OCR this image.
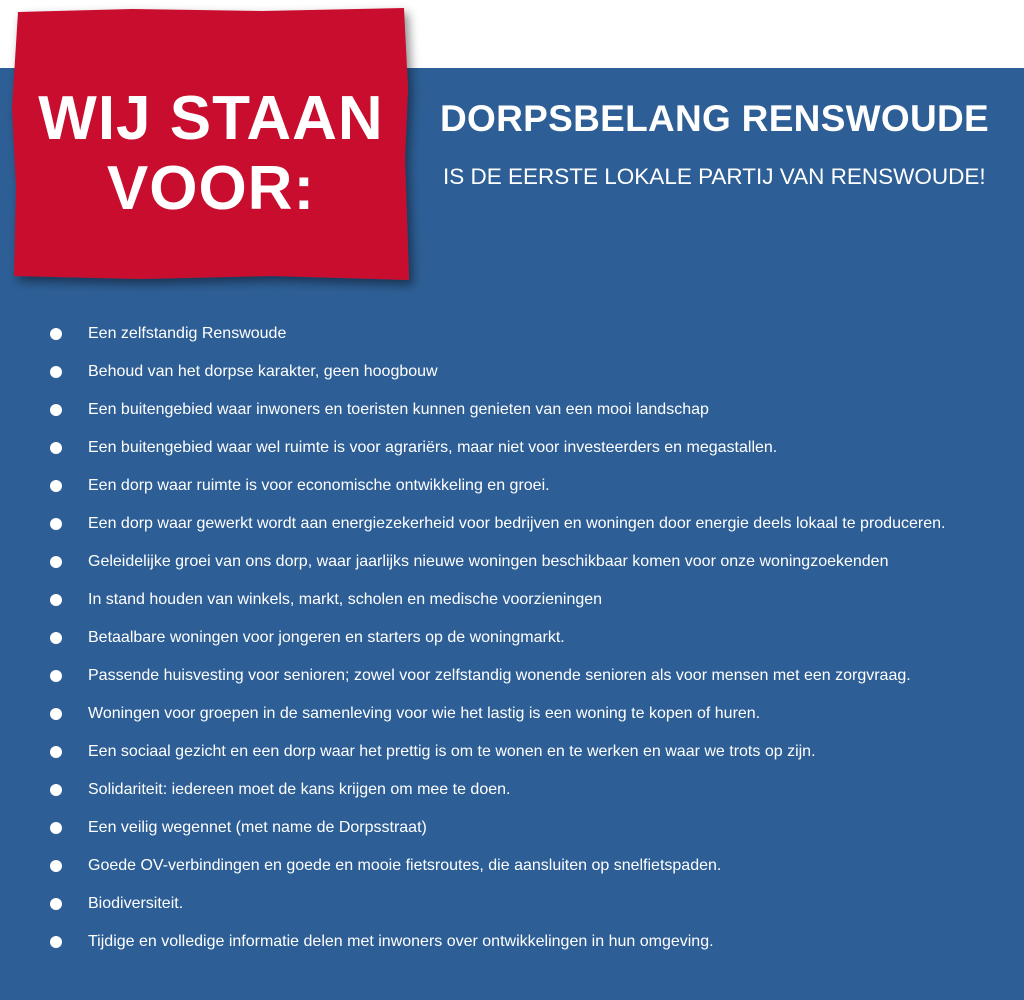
WIJ STAAN
VOOR:
DORPSBELANG RENSWOUDE
IS DE EERSTE LOKALE PARTIJ VAN RENSWOUDE!
Een zelfstandig Renswoude
Behoud van het dorpse karakter, geen hoogbouw
Een buitengebied waar inwoners en toeristen kunnen genieten van een mooi landschap
Een buitengebied waar wel ruimte is voor agrariërs, maar niet voor investeerders en megastallen.
Een dorp waar ruimte is voor economische ontwikkeling en groei.
Een dorp waar gewerkt wordt aan energiezekerheid voor bedrijven en woningen door energie deels lokaal te produceren.
Geleidelijke groei van ons dorp, waar jaarlijks nieuwe woningen beschikbaar komen voor onze woningzoekenden
In stand houden van winkels, markt, scholen en medische voorzieningen
Betaalbare woningen voor jongeren en starters op de woningmarkt.
Passende huisvesting voor senioren; zowel voor zelfstandig wonende senioren als voor mensen met een zorgvraag.
Woningen voor groepen in de samenleving voor wie het lastig is een woning te kopen of huren.
Een sociaal gezicht en een dorp waar het prettig is om te wonen en te werken en waar we trots op zijn.
Solidariteit: iedereen moet de kans krijgen om mee te doen.
Een veilig wegennet (met name de Dorpsstraat)
Goede OV-verbindingen en goede en mooie fietsroutes, die aansluiten op snelfietspaden.
Biodiversiteit.
Tijdige en volledige informatie delen met inwoners over ontwikkelingen in hun omgeving.
